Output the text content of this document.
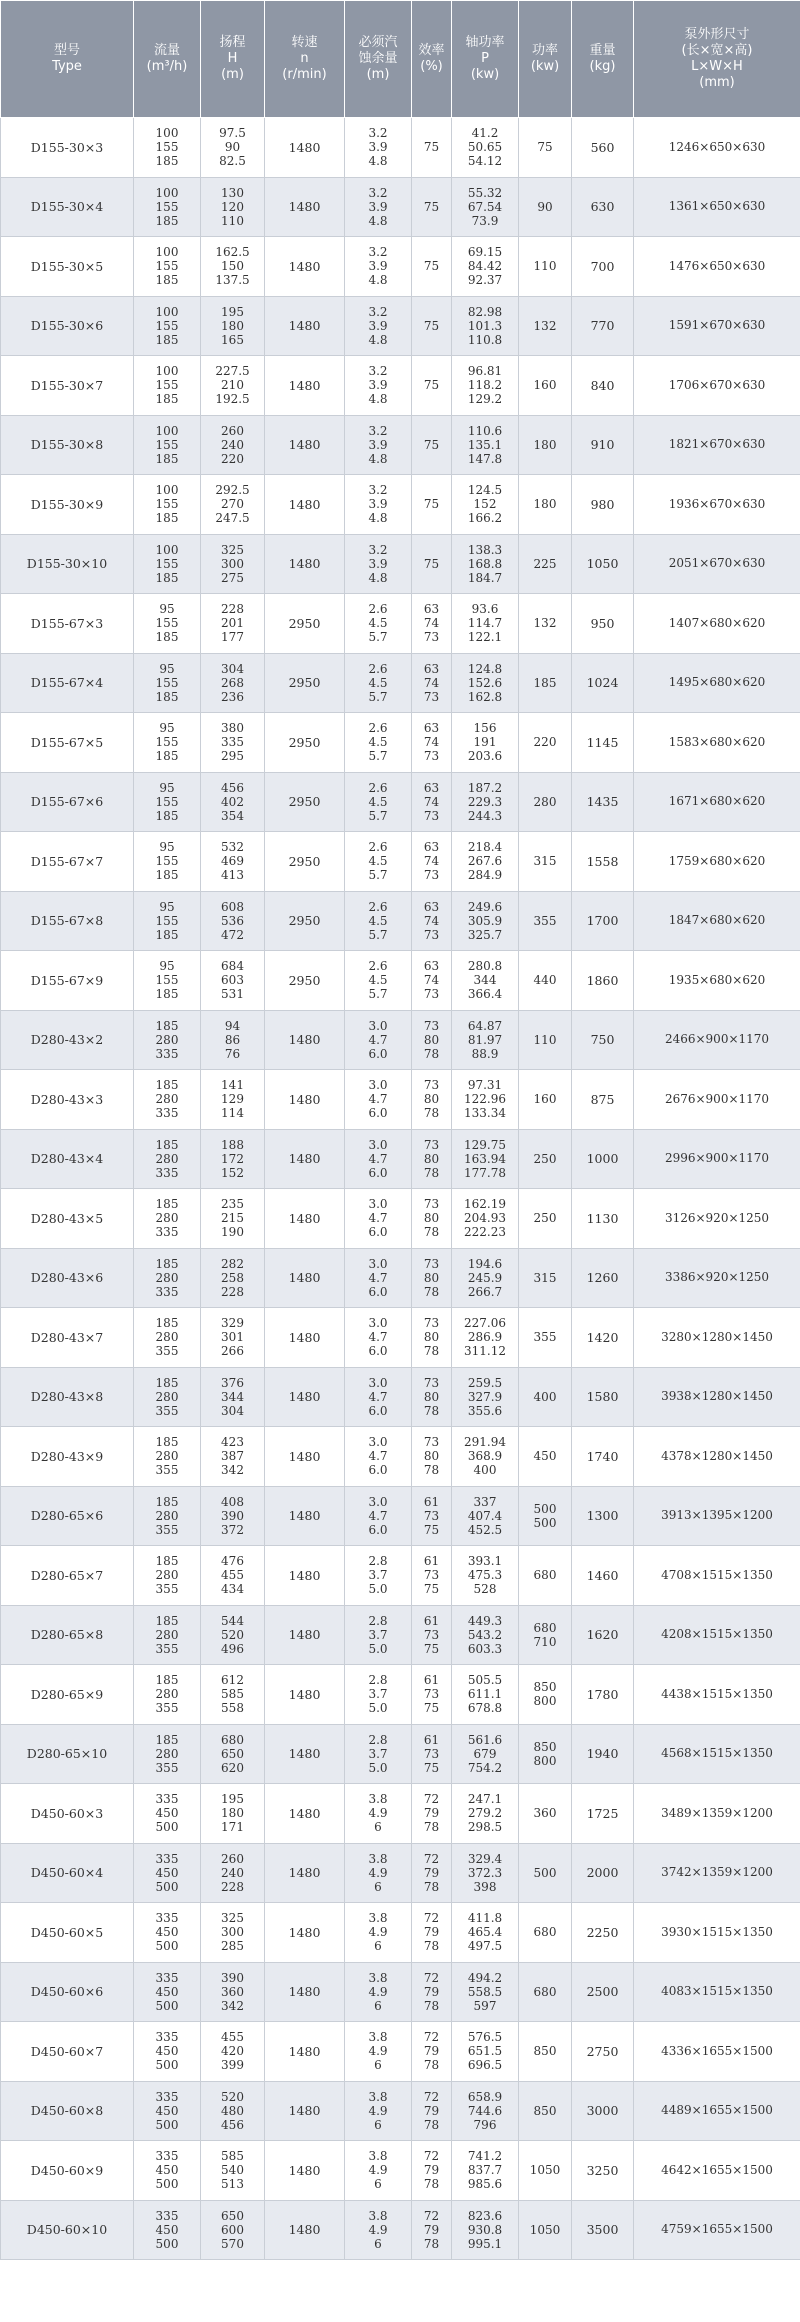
型号
Type	流量
(m³/h)	扬程
H
(m)	转速
n
(r/min)	必须汽
蚀余量
(m)	效率
(%)	轴功率
P
(kw)	功率
(kw)	重量
(kg)	泵外形尺寸
(长×宽×高)
L×W×H
(mm)
D155-30×3	100
155
185	97.5
90
82.5	1480	3.2
3.9
4.8	75	41.2
50.65
54.12	75	560	1246×650×630
D155-30×4	100
155
185	130
120
110	1480	3.2
3.9
4.8	75	55.32
67.54
73.9	90	630	1361×650×630
D155-30×5	100
155
185	162.5
150
137.5	1480	3.2
3.9
4.8	75	69.15
84.42
92.37	110	700	1476×650×630
D155-30×6	100
155
185	195
180
165	1480	3.2
3.9
4.8	75	82.98
101.3
110.8	132	770	1591×670×630
D155-30×7	100
155
185	227.5
210
192.5	1480	3.2
3.9
4.8	75	96.81
118.2
129.2	160	840	1706×670×630
D155-30×8	100
155
185	260
240
220	1480	3.2
3.9
4.8	75	110.6
135.1
147.8	180	910	1821×670×630
D155-30×9	100
155
185	292.5
270
247.5	1480	3.2
3.9
4.8	75	124.5
152
166.2	180	980	1936×670×630
D155-30×10	100
155
185	325
300
275	1480	3.2
3.9
4.8	75	138.3
168.8
184.7	225	1050	2051×670×630
D155-67×3	95
155
185	228
201
177	2950	2.6
4.5
5.7	63
74
73	93.6
114.7
122.1	132	950	1407×680×620
D155-67×4	95
155
185	304
268
236	2950	2.6
4.5
5.7	63
74
73	124.8
152.6
162.8	185	1024	1495×680×620
D155-67×5	95
155
185	380
335
295	2950	2.6
4.5
5.7	63
74
73	156
191
203.6	220	1145	1583×680×620
D155-67×6	95
155
185	456
402
354	2950	2.6
4.5
5.7	63
74
73	187.2
229.3
244.3	280	1435	1671×680×620
D155-67×7	95
155
185	532
469
413	2950	2.6
4.5
5.7	63
74
73	218.4
267.6
284.9	315	1558	1759×680×620
D155-67×8	95
155
185	608
536
472	2950	2.6
4.5
5.7	63
74
73	249.6
305.9
325.7	355	1700	1847×680×620
D155-67×9	95
155
185	684
603
531	2950	2.6
4.5
5.7	63
74
73	280.8
344
366.4	440	1860	1935×680×620
D280-43×2	185
280
335	94
86
76	1480	3.0
4.7
6.0	73
80
78	64.87
81.97
88.9	110	750	2466×900×1170
D280-43×3	185
280
335	141
129
114	1480	3.0
4.7
6.0	73
80
78	97.31
122.96
133.34	160	875	2676×900×1170
D280-43×4	185
280
335	188
172
152	1480	3.0
4.7
6.0	73
80
78	129.75
163.94
177.78	250	1000	2996×900×1170
D280-43×5	185
280
335	235
215
190	1480	3.0
4.7
6.0	73
80
78	162.19
204.93
222.23	250	1130	3126×920×1250
D280-43×6	185
280
335	282
258
228	1480	3.0
4.7
6.0	73
80
78	194.6
245.9
266.7	315	1260	3386×920×1250
D280-43×7	185
280
355	329
301
266	1480	3.0
4.7
6.0	73
80
78	227.06
286.9
311.12	355	1420	3280×1280×1450
D280-43×8	185
280
355	376
344
304	1480	3.0
4.7
6.0	73
80
78	259.5
327.9
355.6	400	1580	3938×1280×1450
D280-43×9	185
280
355	423
387
342	1480	3.0
4.7
6.0	73
80
78	291.94
368.9
400	450	1740	4378×1280×1450
D280-65×6	185
280
355	408
390
372	1480	3.0
4.7
6.0	61
73
75	337
407.4
452.5	500
500	1300	3913×1395×1200
D280-65×7	185
280
355	476
455
434	1480	2.8
3.7
5.0	61
73
75	393.1
475.3
528	680	1460	4708×1515×1350
D280-65×8	185
280
355	544
520
496	1480	2.8
3.7
5.0	61
73
75	449.3
543.2
603.3	680
710	1620	4208×1515×1350
D280-65×9	185
280
355	612
585
558	1480	2.8
3.7
5.0	61
73
75	505.5
611.1
678.8	850
800	1780	4438×1515×1350
D280-65×10	185
280
355	680
650
620	1480	2.8
3.7
5.0	61
73
75	561.6
679
754.2	850
800	1940	4568×1515×1350
D450-60×3	335
450
500	195
180
171	1480	3.8
4.9
6	72
79
78	247.1
279.2
298.5	360	1725	3489×1359×1200
D450-60×4	335
450
500	260
240
228	1480	3.8
4.9
6	72
79
78	329.4
372.3
398	500	2000	3742×1359×1200
D450-60×5	335
450
500	325
300
285	1480	3.8
4.9
6	72
79
78	411.8
465.4
497.5	680	2250	3930×1515×1350
D450-60×6	335
450
500	390
360
342	1480	3.8
4.9
6	72
79
78	494.2
558.5
597	680	2500	4083×1515×1350
D450-60×7	335
450
500	455
420
399	1480	3.8
4.9
6	72
79
78	576.5
651.5
696.5	850	2750	4336×1655×1500
D450-60×8	335
450
500	520
480
456	1480	3.8
4.9
6	72
79
78	658.9
744.6
796	850	3000	4489×1655×1500
D450-60×9	335
450
500	585
540
513	1480	3.8
4.9
6	72
79
78	741.2
837.7
985.6	1050	3250	4642×1655×1500
D450-60×10	335
450
500	650
600
570	1480	3.8
4.9
6	72
79
78	823.6
930.8
995.1	1050	3500	4759×1655×1500
